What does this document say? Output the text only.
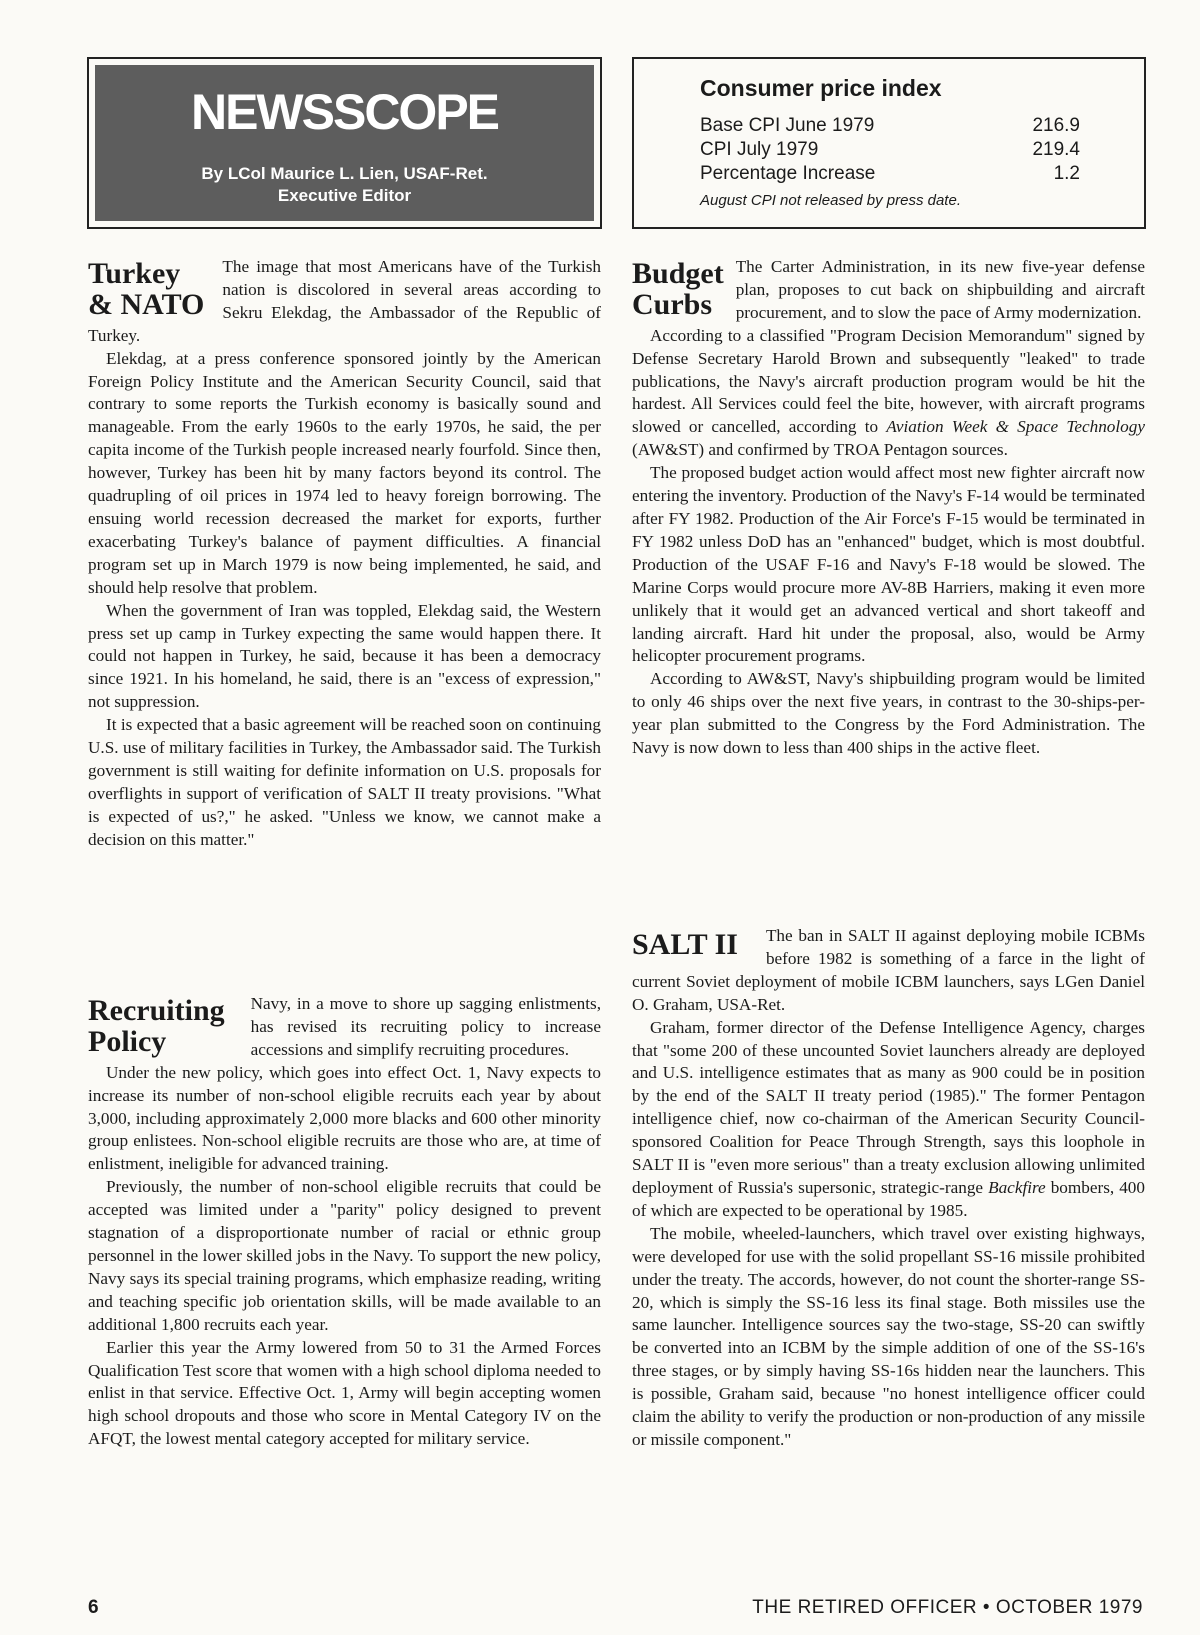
NEWSSCOPE
By LCol Maurice L. Lien, USAF-Ret.
Executive Editor
Consumer price index
Base CPI June 1979	216.9
CPI July 1979	219.4
Percentage Increase	1.2
August CPI not released by press date.
Turkey
& NATO

The image that most Americans have of the Turkish nation is discolored in several areas according to Sekru Elekdag, the Ambassador of the Republic of Turkey.

Elekdag, at a press conference sponsored jointly by the American Foreign Policy Institute and the American Security Council, said that contrary to some reports the Turkish economy is basically sound and manageable. From the early 1960s to the early 1970s, he said, the per capita income of the Turkish people increased nearly fourfold. Since then, however, Turkey has been hit by many factors beyond its control. The quadrupling of oil prices in 1974 led to heavy foreign borrowing. The ensuing world recession decreased the market for exports, further exacerbating Turkey's balance of payment difficulties. A financial program set up in March 1979 is now being implemented, he said, and should help resolve that problem.

When the government of Iran was toppled, Elekdag said, the Western press set up camp in Turkey expecting the same would happen there. It could not happen in Turkey, he said, because it has been a democracy since 1921. In his homeland, he said, there is an "excess of expression," not suppression.

It is expected that a basic agreement will be reached soon on continuing U.S. use of military facilities in Turkey, the Ambassador said. The Turkish government is still waiting for definite information on U.S. proposals for overflights in support of verification of SALT II treaty provisions. "What is expected of us?," he asked. "Unless we know, we cannot make a decision on this matter."

Recruiting
Policy

Navy, in a move to shore up sagging enlistments, has revised its recruiting policy to increase accessions and simplify recruiting procedures.

Under the new policy, which goes into effect Oct. 1, Navy expects to increase its number of non-school eligible recruits each year by about 3,000, including approximately 2,000 more blacks and 600 other minority group enlistees. Non-school eligible recruits are those who are, at time of enlistment, ineligible for advanced training.

Previously, the number of non-school eligible recruits that could be accepted was limited under a "parity" policy designed to prevent stagnation of a disproportionate number of racial or ethnic group personnel in the lower skilled jobs in the Navy. To support the new policy, Navy says its special training programs, which emphasize reading, writing and teaching specific job orientation skills, will be made available to an additional 1,800 recruits each year.

Earlier this year the Army lowered from 50 to 31 the Armed Forces Qualification Test score that women with a high school diploma needed to enlist in that service. Effective Oct. 1, Army will begin accepting women high school dropouts and those who score in Mental Category IV on the AFQT, the lowest mental category accepted for military service.

Budget
Curbs

The Carter Administration, in its new five-year defense plan, proposes to cut back on shipbuilding and aircraft procurement, and to slow the pace of Army modernization.

According to a classified "Program Decision Memorandum" signed by Defense Secretary Harold Brown and subsequently "leaked" to trade publications, the Navy's aircraft production program would be hit the hardest. All Services could feel the bite, however, with aircraft programs slowed or cancelled, according to Aviation Week & Space Technology (AW&ST) and confirmed by TROA Pentagon sources.

The proposed budget action would affect most new fighter aircraft now entering the inventory. Production of the Navy's F-14 would be terminated after FY 1982. Production of the Air Force's F-15 would be terminated in FY 1982 unless DoD has an "enhanced" budget, which is most doubtful. Production of the USAF F-16 and Navy's F-18 would be slowed. The Marine Corps would procure more AV-8B Harriers, making it even more unlikely that it would get an advanced vertical and short takeoff and landing aircraft. Hard hit under the proposal, also, would be Army helicopter procurement programs.

According to AW&ST, Navy's shipbuilding program would be limited to only 46 ships over the next five years, in contrast to the 30-ships-per-year plan submitted to the Congress by the Ford Administration. The Navy is now down to less than 400 ships in the active fleet.

SALT II	The ban in SALT II against deploying mobile ICBMs before 1982 is something of a farce in the light of current Soviet deployment of mobile ICBM launchers, says LGen Daniel O. Graham, USA-Ret.

Graham, former director of the Defense Intelligence Agency, charges that "some 200 of these uncounted Soviet launchers already are deployed and U.S. intelligence estimates that as many as 900 could be in position by the end of the SALT II treaty period (1985)." The former Pentagon intelligence chief, now co-chairman of the American Security Council-sponsored Coalition for Peace Through Strength, says this loophole in SALT II is "even more serious" than a treaty exclusion allowing unlimited deployment of Russia's supersonic, strategic-range Backfire bombers, 400 of which are expected to be operational by 1985.

The mobile, wheeled-launchers, which travel over existing highways, were developed for use with the solid propellant SS-16 missile prohibited under the treaty. The accords, however, do not count the shorter-range SS-20, which is simply the SS-16 less its final stage. Both missiles use the same launcher. Intelligence sources say the two-stage, SS-20 can swiftly be converted into an ICBM by the simple addition of one of the SS-16's three stages, or by simply having SS-16s hidden near the launchers. This is possible, Graham said, because "no honest intelligence officer could claim the ability to verify the production or non-production of any missile or missile component."

6	THE RETIRED OFFICER • OCTOBER 1979
